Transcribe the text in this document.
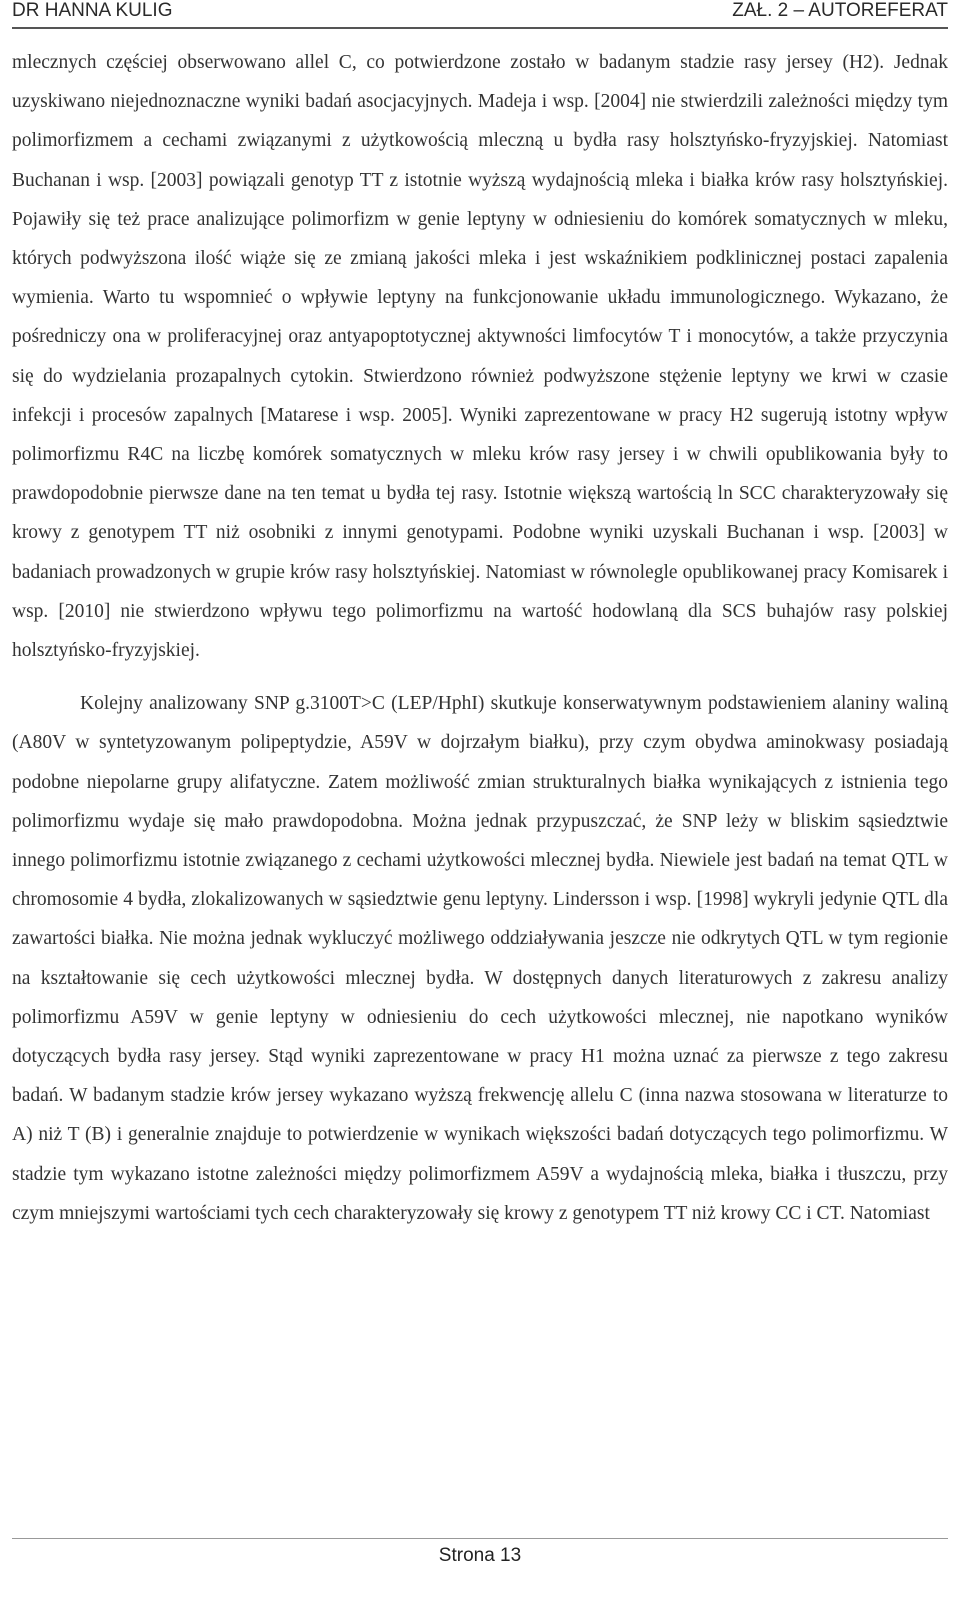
DR HANNA KULIG	ZAŁ. 2 – AUTOREFERAT

mlecznych częściej obserwowano allel C, co potwierdzone zostało w badanym stadzie rasy jersey (H2). Jednak uzyskiwano niejednoznaczne wyniki badań asocjacyjnych. Madeja i wsp. [2004] nie stwierdzili zależności między tym polimorfizmem a cechami związanymi z użytkowością mleczną u bydła rasy holsztyńsko-fryzyjskiej. Natomiast Buchanan i wsp. [2003] powiązali genotyp TT z istotnie wyższą wydajnością mleka i białka krów rasy holsztyńskiej. Pojawiły się też prace analizujące polimorfizm w genie leptyny w odniesieniu do komórek somatycznych w mleku, których podwyższona ilość wiąże się ze zmianą jakości mleka i jest wskaźnikiem podklinicznej postaci zapalenia wymienia. Warto tu wspomnieć o wpływie leptyny na funkcjonowanie układu immunologicznego. Wykazano, że pośredniczy ona w proliferacyjnej oraz antyapoptotycznej aktywności limfocytów T i monocytów, a także przyczynia się do wydzielania prozapalnych cytokin. Stwierdzono również podwyższone stężenie leptyny we krwi w czasie infekcji i procesów zapalnych [Matarese i wsp. 2005]. Wyniki zaprezentowane w pracy H2 sugerują istotny wpływ polimorfizmu R4C na liczbę komórek somatycznych w mleku krów rasy jersey i w chwili opublikowania były to prawdopodobnie pierwsze dane na ten temat u bydła tej rasy. Istotnie większą wartością ln SCC charakteryzowały się krowy z genotypem TT niż osobniki z innymi genotypami. Podobne wyniki uzyskali Buchanan i wsp. [2003] w badaniach prowadzonych w grupie krów rasy holsztyńskiej. Natomiast w równolegle opublikowanej pracy Komisarek i wsp. [2010] nie stwierdzono wpływu tego polimorfizmu na wartość hodowlaną dla SCS buhajów rasy polskiej holsztyńsko-fryzyjskiej.

Kolejny analizowany SNP g.3100T>C (LEP/HphI) skutkuje konserwatywnym podstawieniem alaniny waliną (A80V w syntetyzowanym polipeptydzie, A59V w dojrzałym białku), przy czym obydwa aminokwasy posiadają podobne niepolarne grupy alifatyczne. Zatem możliwość zmian strukturalnych białka wynikających z istnienia tego polimorfizmu wydaje się mało prawdopodobna. Można jednak przypuszczać, że SNP leży w bliskim sąsiedztwie innego polimorfizmu istotnie związanego z cechami użytkowości mlecznej bydła. Niewiele jest badań na temat QTL w chromosomie 4 bydła, zlokalizowanych w sąsiedztwie genu leptyny. Lindersson i wsp. [1998] wykryli jedynie QTL dla zawartości białka. Nie można jednak wykluczyć możliwego oddziaływania jeszcze nie odkrytych QTL w tym regionie na kształtowanie się cech użytkowości mlecznej bydła. W dostępnych danych literaturowych z zakresu analizy polimorfizmu A59V w genie leptyny w odniesieniu do cech użytkowości mlecznej, nie napotkano wyników dotyczących bydła rasy jersey. Stąd wyniki zaprezentowane w pracy H1 można uznać za pierwsze z tego zakresu badań. W badanym stadzie krów jersey wykazano wyższą frekwencję allelu C (inna nazwa stosowana w literaturze to A) niż T (B) i generalnie znajduje to potwierdzenie w wynikach większości badań dotyczących tego polimorfizmu. W stadzie tym wykazano istotne zależności między polimorfizmem A59V a wydajnością mleka, białka i tłuszczu, przy czym mniejszymi wartościami tych cech charakteryzowały się krowy z genotypem TT niż krowy CC i CT. Natomiast

Strona 13
